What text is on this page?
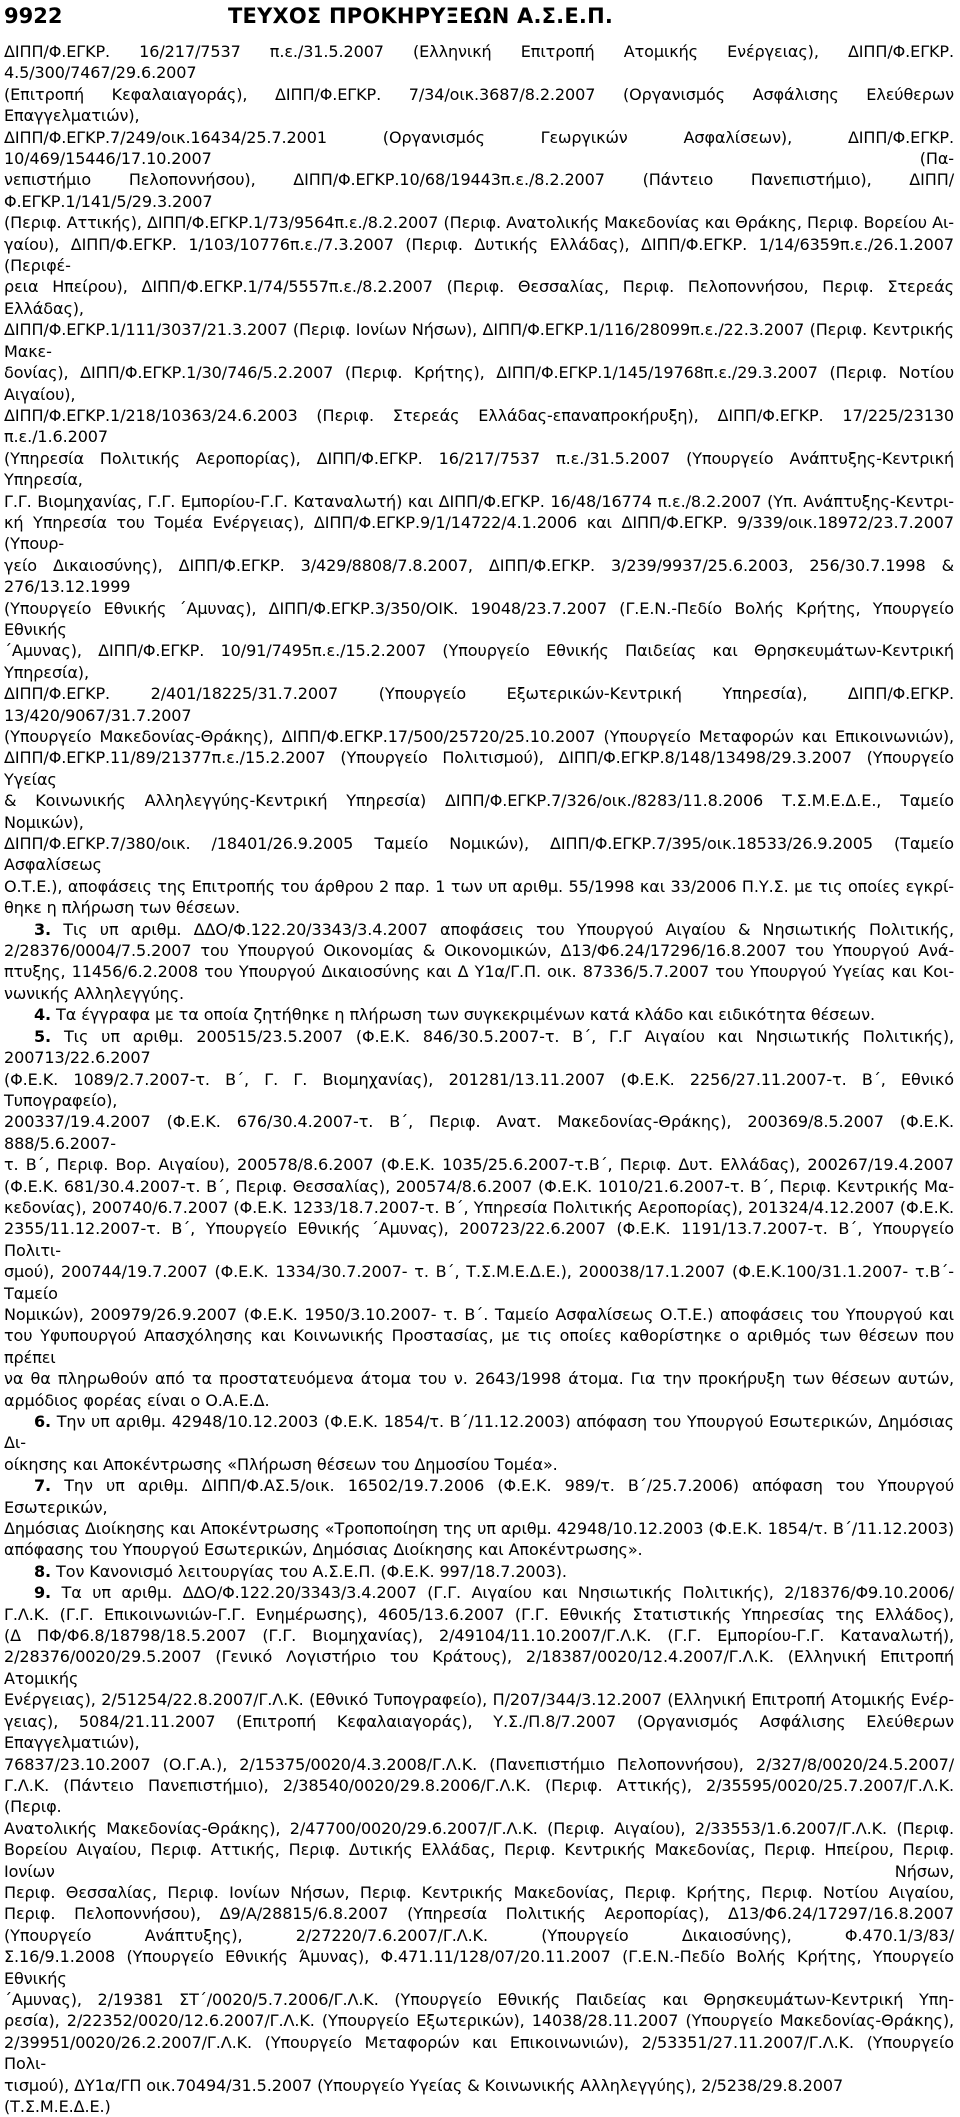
9922	ΤΕΥΧΟΣ ΠΡΟΚΗΡΥΞΕΩΝ Α.Σ.Ε.Π.

ΔΙΠΠ/Φ.ΕΓΚΡ. 16/217/7537 π.ε./31.5.2007 (Ελληνική Επιτροπή Ατομικής Ενέργειας), ΔΙΠΠ/Φ.ΕΓΚΡ. 4.5/300/7467/29.6.2007

(Επιτροπή Κεφαλαιαγοράς), ΔΙΠΠ/Φ.ΕΓΚΡ. 7/34/οικ.3687/8.2.2007 (Οργανισμός Ασφάλισης Ελεύθερων Επαγγελματιών),

ΔΙΠΠ/Φ.ΕΓΚΡ.7/249/οικ.16434/25.7.2001 (Οργανισμός Γεωργικών Ασφαλίσεων), ΔΙΠΠ/Φ.ΕΓΚΡ. 10/469/15446/17.10.2007 (Πα-

νεπιστήμιο Πελοποννήσου), ΔΙΠΠ/Φ.ΕΓΚΡ.10/68/19443π.ε./8.2.2007 (Πάντειο Πανεπιστήμιο), ΔΙΠΠ/Φ.ΕΓΚΡ.1/141/5/29.3.2007

(Περιφ. Αττικής), ΔΙΠΠ/Φ.ΕΓΚΡ.1/73/9564π.ε./8.2.2007 (Περιφ. Ανατολικής Μακεδονίας και Θράκης, Περιφ. Βορείου Αι-

γαίου), ΔΙΠΠ/Φ.ΕΓΚΡ. 1/103/10776π.ε./7.3.2007 (Περιφ. Δυτικής Ελλάδας), ΔΙΠΠ/Φ.ΕΓΚΡ. 1/14/6359π.ε./26.1.2007 (Περιφέ-

ρεια Ηπείρου), ΔΙΠΠ/Φ.ΕΓΚΡ.1/74/5557π.ε./8.2.2007 (Περιφ. Θεσσαλίας, Περιφ. Πελοποννήσου, Περιφ. Στερεάς Ελλάδας),

ΔΙΠΠ/Φ.ΕΓΚΡ.1/111/3037/21.3.2007 (Περιφ. Ιονίων Νήσων), ΔΙΠΠ/Φ.ΕΓΚΡ.1/116/28099π.ε./22.3.2007 (Περιφ. Κεντρικής Μακε-

δονίας), ΔΙΠΠ/Φ.ΕΓΚΡ.1/30/746/5.2.2007 (Περιφ. Κρήτης), ΔΙΠΠ/Φ.ΕΓΚΡ.1/145/19768π.ε./29.3.2007 (Περιφ. Νοτίου Αιγαίου),

ΔΙΠΠ/Φ.ΕΓΚΡ.1/218/10363/24.6.2003 (Περιφ. Στερεάς Ελλάδας-επαναπροκήρυξη), ΔΙΠΠ/Φ.ΕΓΚΡ. 17/225/23130 π.ε./1.6.2007

(Υπηρεσία Πολιτικής Αεροπορίας), ΔΙΠΠ/Φ.ΕΓΚΡ. 16/217/7537 π.ε./31.5.2007 (Υπουργείο Ανάπτυξης-Κεντρική Υπηρεσία,

Γ.Γ. Βιομηχανίας, Γ.Γ. Εμπορίου-Γ.Γ. Καταναλωτή) και ΔΙΠΠ/Φ.ΕΓΚΡ. 16/48/16774 π.ε./8.2.2007 (Υπ. Ανάπτυξης-Κεντρι-

κή Υπηρεσία του Τομέα Ενέργειας), ΔΙΠΠ/Φ.ΕΓΚΡ.9/1/14722/4.1.2006 και ΔΙΠΠ/Φ.ΕΓΚΡ. 9/339/οικ.18972/23.7.2007 (Υπουρ-

γείο Δικαιοσύνης), ΔΙΠΠ/Φ.ΕΓΚΡ. 3/429/8808/7.8.2007, ΔΙΠΠ/Φ.ΕΓΚΡ. 3/239/9937/25.6.2003, 256/30.7.1998 & 276/13.12.1999

(Υπουργείο Εθνικής ΄Αμυνας), ΔΙΠΠ/Φ.ΕΓΚΡ.3/350/ΟΙΚ. 19048/23.7.2007 (Γ.Ε.Ν.-Πεδίο Βολής Κρήτης, Υπουργείο Εθνικής

΄Αμυνας), ΔΙΠΠ/Φ.ΕΓΚΡ. 10/91/7495π.ε./15.2.2007 (Υπουργείο Εθνικής Παιδείας και Θρησκευμάτων-Κεντρική Υπηρεσία),

ΔΙΠΠ/Φ.ΕΓΚΡ. 2/401/18225/31.7.2007 (Υπουργείο Εξωτερικών-Κεντρική Υπηρεσία), ΔΙΠΠ/Φ.ΕΓΚΡ. 13/420/9067/31.7.2007

(Υπουργείο Μακεδονίας-Θράκης), ΔΙΠΠ/Φ.ΕΓΚΡ.17/500/25720/25.10.2007 (Υπουργείο Μεταφορών και Επικοινωνιών),

ΔΙΠΠ/Φ.ΕΓΚΡ.11/89/21377π.ε./15.2.2007 (Υπουργείο Πολιτισμού), ΔΙΠΠ/Φ.ΕΓΚΡ.8/148/13498/29.3.2007 (Υπουργείο Υγείας

& Κοινωνικής Αλληλεγγύης-Κεντρική Υπηρεσία) ΔΙΠΠ/Φ.ΕΓΚΡ.7/326/οικ./8283/11.8.2006 Τ.Σ.Μ.Ε.Δ.Ε., Ταμείο Νομικών),

ΔΙΠΠ/Φ.ΕΓΚΡ.7/380/οικ. /18401/26.9.2005 Ταμείο Νομικών), ΔΙΠΠ/Φ.ΕΓΚΡ.7/395/οικ.18533/26.9.2005 (Ταμείο Ασφαλίσεως

Ο.Τ.Ε.), αποφάσεις της Επιτροπής του άρθρου 2 παρ. 1 των υπ αριθμ. 55/1998 και 33/2006 Π.Υ.Σ. με τις οποίες εγκρί-

θηκε η πλήρωση των θέσεων.

3. Τις υπ αριθμ. ΔΔΟ/Φ.122.20/3343/3.4.2007 αποφάσεις του Υπουργού Αιγαίου & Νησιωτικής Πολιτικής,

2/28376/0004/7.5.2007 του Υπουργού Οικονομίας & Οικονομικών, Δ13/Φ6.24/17296/16.8.2007 του Υπουργού Ανά-

πτυξης, 11456/6.2.2008 του Υπουργού Δικαιοσύνης και Δ Υ1α/Γ.Π. οικ. 87336/5.7.2007 του Υπουργού Υγείας και Κοι-

νωνικής Αλληλεγγύης.

4. Τα έγγραφα με τα οποία ζητήθηκε η πλήρωση των συγκεκριμένων κατά κλάδο και ειδικότητα θέσεων.

5. Τις υπ αριθμ. 200515/23.5.2007 (Φ.Ε.Κ. 846/30.5.2007-τ. Β΄, Γ.Γ Αιγαίου και Νησιωτικής Πολιτικής), 200713/22.6.2007

(Φ.Ε.Κ. 1089/2.7.2007-τ. Β΄, Γ. Γ. Βιομηχανίας), 201281/13.11.2007 (Φ.Ε.Κ. 2256/27.11.2007-τ. Β΄, Εθνικό Τυπογραφείο),

200337/19.4.2007 (Φ.Ε.Κ. 676/30.4.2007-τ. Β΄, Περιφ. Ανατ. Μακεδονίας-Θράκης), 200369/8.5.2007 (Φ.Ε.Κ. 888/5.6.2007-

τ. Β΄, Περιφ. Βορ. Αιγαίου), 200578/8.6.2007 (Φ.Ε.Κ. 1035/25.6.2007-τ.Β΄, Περιφ. Δυτ. Ελλάδας), 200267/19.4.2007

(Φ.Ε.Κ. 681/30.4.2007-τ. Β΄, Περιφ. Θεσσαλίας), 200574/8.6.2007 (Φ.Ε.Κ. 1010/21.6.2007-τ. Β΄, Περιφ. Κεντρικής Μα-

κεδονίας), 200740/6.7.2007 (Φ.Ε.Κ. 1233/18.7.2007-τ. Β΄, Υπηρεσία Πολιτικής Αεροπορίας), 201324/4.12.2007 (Φ.Ε.Κ.

2355/11.12.2007-τ. Β΄, Υπουργείο Εθνικής ΄Αμυνας), 200723/22.6.2007 (Φ.Ε.Κ. 1191/13.7.2007-τ. Β΄, Υπουργείο Πολιτι-

σμού), 200744/19.7.2007 (Φ.Ε.Κ. 1334/30.7.2007- τ. Β΄, Τ.Σ.Μ.Ε.Δ.Ε.), 200038/17.1.2007 (Φ.Ε.Κ.100/31.1.2007- τ.Β΄- Ταμείο

Νομικών), 200979/26.9.2007 (Φ.Ε.Κ. 1950/3.10.2007- τ. Β΄. Ταμείο Ασφαλίσεως Ο.Τ.Ε.) αποφάσεις του Υπουργού και

του Υφυπουργού Απασχόλησης και Κοινωνικής Προστασίας, με τις οποίες καθορίστηκε ο αριθμός των θέσεων που πρέπει

να θα πληρωθούν από τα προστατευόμενα άτομα του ν. 2643/1998 άτομα. Για την προκήρυξη των θέσεων αυτών,

αρμόδιος φορέας είναι ο Ο.Α.Ε.Δ.

6. Την υπ αριθμ. 42948/10.12.2003 (Φ.Ε.Κ. 1854/τ. Β΄/11.12.2003) απόφαση του Υπουργού Εσωτερικών, Δημόσιας Δι-

οίκησης και Αποκέντρωσης «Πλήρωση θέσεων του Δημοσίου Τομέα».

7. Την υπ αριθμ. ΔΙΠΠ/Φ.ΑΣ.5/οικ. 16502/19.7.2006 (Φ.Ε.Κ. 989/τ. Β΄/25.7.2006) απόφαση του Υπουργού Εσωτερικών,

Δημόσιας Διοίκησης και Αποκέντρωσης «Τροποποίηση της υπ αριθμ. 42948/10.12.2003 (Φ.Ε.Κ. 1854/τ. Β΄/11.12.2003)

απόφασης του Υπουργού Εσωτερικών, Δημόσιας Διοίκησης και Αποκέντρωσης».

8. Τον Κανονισμό λειτουργίας του Α.Σ.Ε.Π. (Φ.Ε.Κ. 997/18.7.2003).

9. Τα υπ αριθμ. ΔΔΟ/Φ.122.20/3343/3.4.2007 (Γ.Γ. Αιγαίου και Νησιωτικής Πολιτικής), 2/18376/Φ9.10.2006/

Γ.Λ.Κ. (Γ.Γ. Επικοινωνιών-Γ.Γ. Ενημέρωσης), 4605/13.6.2007 (Γ.Γ. Εθνικής Στατιστικής Υπηρεσίας της Ελλάδος),

(Δ ΠΦ/Φ6.8/18798/18.5.2007 (Γ.Γ. Βιομηχανίας), 2/49104/11.10.2007/Γ.Λ.Κ. (Γ.Γ. Εμπορίου-Γ.Γ. Καταναλωτή),

2/28376/0020/29.5.2007 (Γενικό Λογιστήριο του Κράτους), 2/18387/0020/12.4.2007/Γ.Λ.Κ. (Ελληνική Επιτροπή Ατομικής

Ενέργειας), 2/51254/22.8.2007/Γ.Λ.Κ. (Εθνικό Τυπογραφείο), Π/207/344/3.12.2007 (Ελληνική Επιτροπή Ατομικής Ενέρ-

γειας), 5084/21.11.2007 (Επιτροπή Κεφαλαιαγοράς), Υ.Σ./Π.8/7.2007 (Οργανισμός Ασφάλισης Ελεύθερων Επαγγελματιών),

76837/23.10.2007 (Ο.Γ.Α.), 2/15375/0020/4.3.2008/Γ.Λ.Κ. (Πανεπιστήμιο Πελοποννήσου), 2/327/8/0020/24.5.2007/

Γ.Λ.Κ. (Πάντειο Πανεπιστήμιο), 2/38540/0020/29.8.2006/Γ.Λ.Κ. (Περιφ. Αττικής), 2/35595/0020/25.7.2007/Γ.Λ.Κ. (Περιφ.

Ανατολικής Μακεδονίας-Θράκης), 2/47700/0020/29.6.2007/Γ.Λ.Κ. (Περιφ. Αιγαίου), 2/33553/1.6.2007/Γ.Λ.Κ. (Περιφ.

Βορείου Αιγαίου, Περιφ. Αττικής, Περιφ. Δυτικής Ελλάδας, Περιφ. Κεντρικής Μακεδονίας, Περιφ. Ηπείρου, Περιφ. Ιονίων Νήσων,

Περιφ. Θεσσαλίας, Περιφ. Ιονίων Νήσων, Περιφ. Κεντρικής Μακεδονίας, Περιφ. Κρήτης, Περιφ. Νοτίου Αιγαίου,

Περιφ. Πελοποννήσου), Δ9/Α/28815/6.8.2007 (Υπηρεσία Πολιτικής Αεροπορίας), Δ13/Φ6.24/17297/16.8.2007

(Υπουργείο Ανάπτυξης), 2/27220/7.6.2007/Γ.Λ.Κ. (Υπουργείο Δικαιοσύνης), Φ.470.1/3/83/

Σ.16/9.1.2008 (Υπουργείο Εθνικής Άμυνας), Φ.471.11/128/07/20.11.2007 (Γ.Ε.Ν.-Πεδίο Βολής Κρήτης, Υπουργείο Εθνικής

΄Αμυνας), 2/19381 ΣΤ΄/0020/5.7.2006/Γ.Λ.Κ. (Υπουργείο Εθνικής Παιδείας και Θρησκευμάτων-Κεντρική Υπη-

ρεσία), 2/22352/0020/12.6.2007/Γ.Λ.Κ. (Υπουργείο Εξωτερικών), 14038/28.11.2007 (Υπουργείο Μακεδονίας-Θράκης),

2/39951/0020/26.2.2007/Γ.Λ.Κ. (Υπουργείο Μεταφορών και Επικοινωνιών), 2/53351/27.11.2007/Γ.Λ.Κ. (Υπουργείο Πολι-

τισμού), ΔΥ1α/ΓΠ οικ.70494/31.5.2007 (Υπουργείο Υγείας & Κοινωνικής Αλληλεγγύης), 2/5238/29.8.2007 (Τ.Σ.Μ.Ε.Δ.Ε.)
